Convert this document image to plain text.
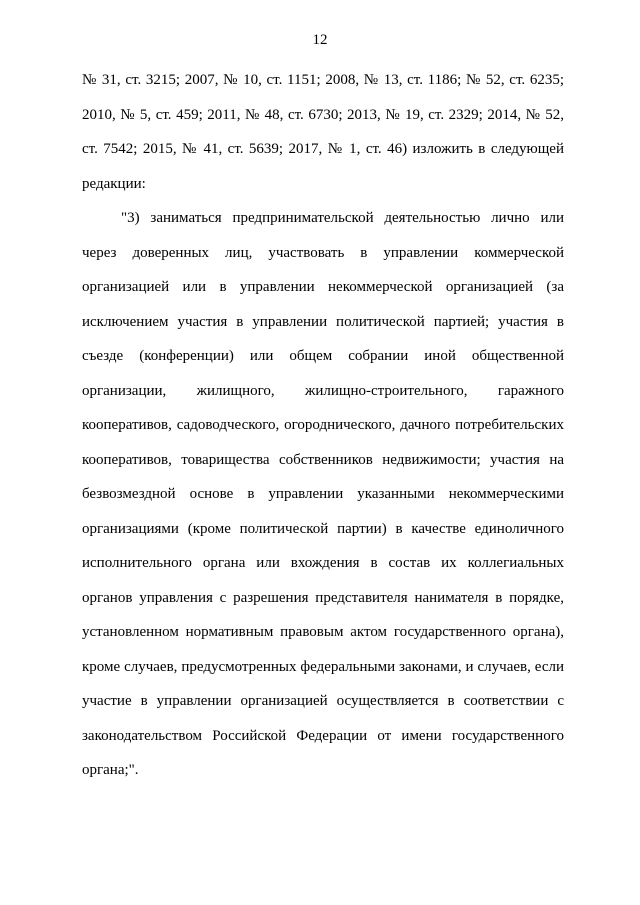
12
№ 31, ст. 3215; 2007, № 10, ст. 1151; 2008, № 13, ст. 1186; № 52, ст. 6235;
2010, № 5, ст. 459; 2011, № 48, ст. 6730; 2013, № 19, ст. 2329; 2014, № 52,
ст. 7542; 2015, № 41, ст. 5639; 2017, № 1, ст. 46) изложить в следующей
редакции:
"3) заниматься предпринимательской деятельностью лично или
через доверенных лиц, участвовать в управлении коммерческой
организацией или в управлении некоммерческой организацией (за
исключением участия в управлении политической партией; участия в
съезде (конференции) или общем собрании иной общественной
организации, жилищного, жилищно-строительного, гаражного
кооперативов, садоводческого, огороднического, дачного потребительских
кооперативов, товарищества собственников недвижимости; участия на
безвозмездной основе в управлении указанными некоммерческими
организациями (кроме политической партии) в качестве единоличного
исполнительного органа или вхождения в состав их коллегиальных
органов управления с разрешения представителя нанимателя в порядке,
установленном нормативным правовым актом государственного органа),
кроме случаев, предусмотренных федеральными законами, и случаев, если
участие в управлении организацией осуществляется в соответствии с
законодательством Российской Федерации от имени государственного
органа;".
